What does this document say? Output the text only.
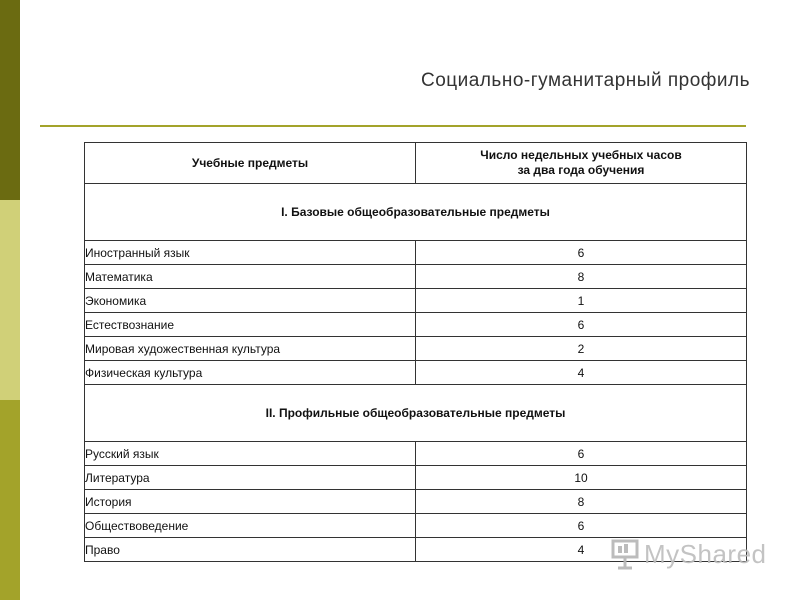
Социально-гуманитарный профиль
Учебные предметы	Число недельных учебных часов
за два года обучения
I. Базовые общеобразовательные предметы	
Иностранный язык	6
Математика	8
Экономика	1
Естествознание	6
Мировая художественная культура	2
Физическая культура	4
II. Профильные общеобразовательные предметы	
Русский язык	6
Литература	10
История	8
Обществоведение	6
Право	4 MyShared
